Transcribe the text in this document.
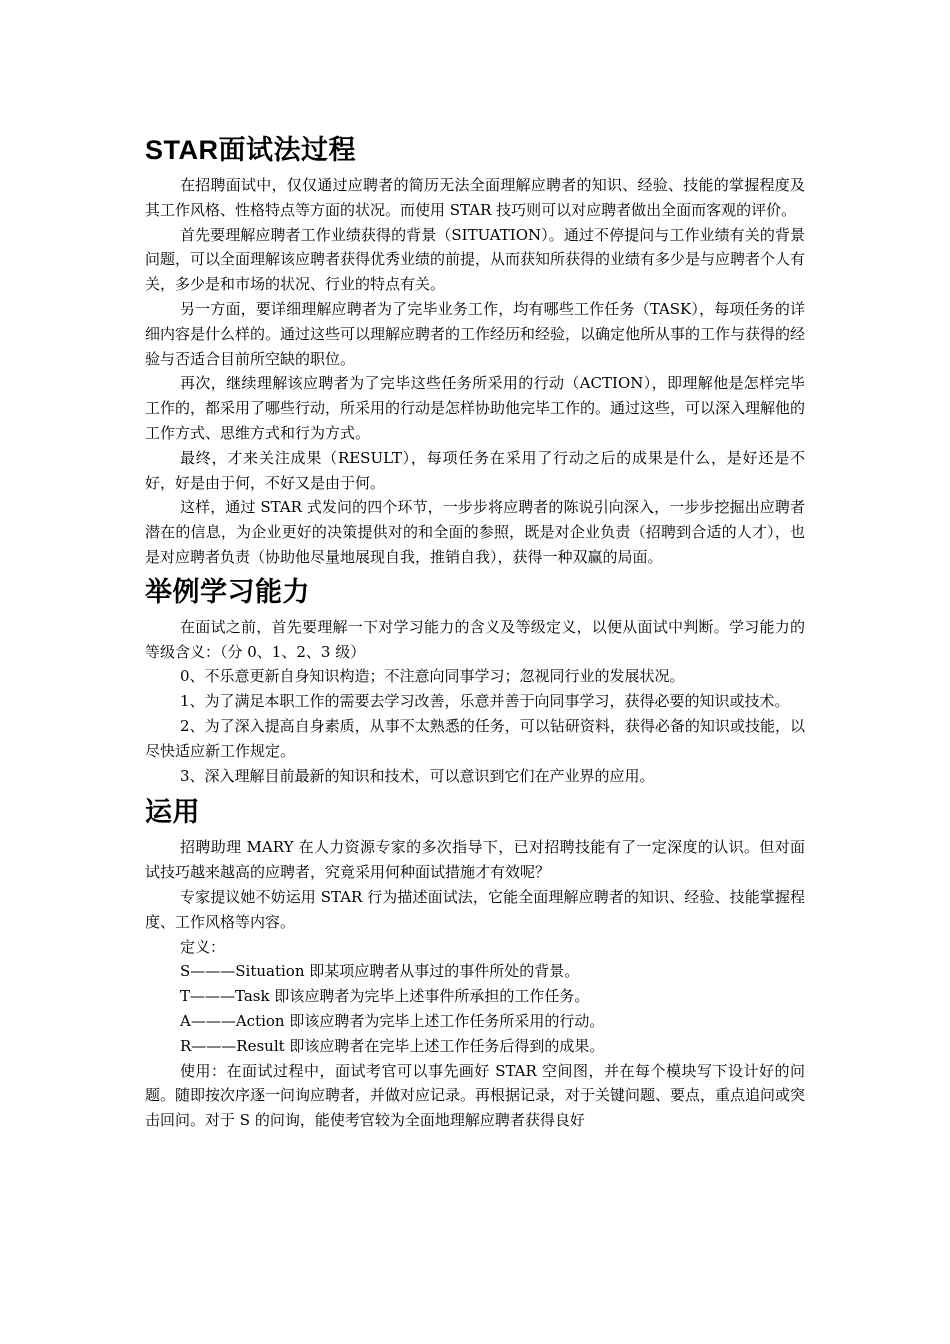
STAR面试法过程

在招聘面试中，仅仅通过应聘者的简历无法全面理解应聘者的知识、经验、技能的掌握程度及其工作风格、性格特点等方面的状况。而使用 STAR 技巧则可以对应聘者做出全面而客观的评价。

首先要理解应聘者工作业绩获得的背景（SITUATION）。通过不停提问与工作业绩有关的背景问题，可以全面理解该应聘者获得优秀业绩的前提，从而获知所获得的业绩有多少是与应聘者个人有关，多少是和市场的状况、行业的特点有关。

另一方面，要详细理解应聘者为了完毕业务工作，均有哪些工作任务（TASK），每项任务的详细内容是什么样的。通过这些可以理解应聘者的工作经历和经验，以确定他所从事的工作与获得的经验与否适合目前所空缺的职位。

再次，继续理解该应聘者为了完毕这些任务所采用的行动（ACTION），即理解他是怎样完毕工作的，都采用了哪些行动，所采用的行动是怎样协助他完毕工作的。通过这些，可以深入理解他的工作方式、思维方式和行为方式。

最终，才来关注成果（RESULT），每项任务在采用了行动之后的成果是什么，是好还是不好，好是由于何，不好又是由于何。

这样，通过 STAR 式发问的四个环节，一步步将应聘者的陈说引向深入，一步步挖掘出应聘者潜在的信息，为企业更好的决策提供对的和全面的参照，既是对企业负责（招聘到合适的人才），也是对应聘者负责（协助他尽量地展现自我，推销自我），获得一种双赢的局面。

举例学习能力

在面试之前，首先要理解一下对学习能力的含义及等级定义，以便从面试中判断。学习能力的等级含义：（分 0、1、2、3 级）

0、不乐意更新自身知识构造；不注意向同事学习；忽视同行业的发展状况。

1、为了满足本职工作的需要去学习改善，乐意并善于向同事学习，获得必要的知识或技术。

2、为了深入提高自身素质，从事不太熟悉的任务，可以钻研资料，获得必备的知识或技能，以尽快适应新工作规定。

3、深入理解目前最新的知识和技术，可以意识到它们在产业界的应用。

运用

招聘助理 MARY 在人力资源专家的多次指导下，已对招聘技能有了一定深度的认识。但对面试技巧越来越高的应聘者，究竟采用何种面试措施才有效呢？

专家提议她不妨运用 STAR 行为描述面试法，它能全面理解应聘者的知识、经验、技能掌握程度、工作风格等内容。

定义：

S———Situation 即某项应聘者从事过的事件所处的背景。

T———Task 即该应聘者为完毕上述事件所承担的工作任务。

A———Action 即该应聘者为完毕上述工作任务所采用的行动。

R———Result 即该应聘者在完毕上述工作任务后得到的成果。

使用：在面试过程中，面试考官可以事先画好 STAR 空间图，并在每个模块写下设计好的问题。随即按次序逐一问询应聘者，并做对应记录。再根据记录，对于关键问题、要点，重点追问或突击回问。对于 S 的问询，能使考官较为全面地理解应聘者获得良好
